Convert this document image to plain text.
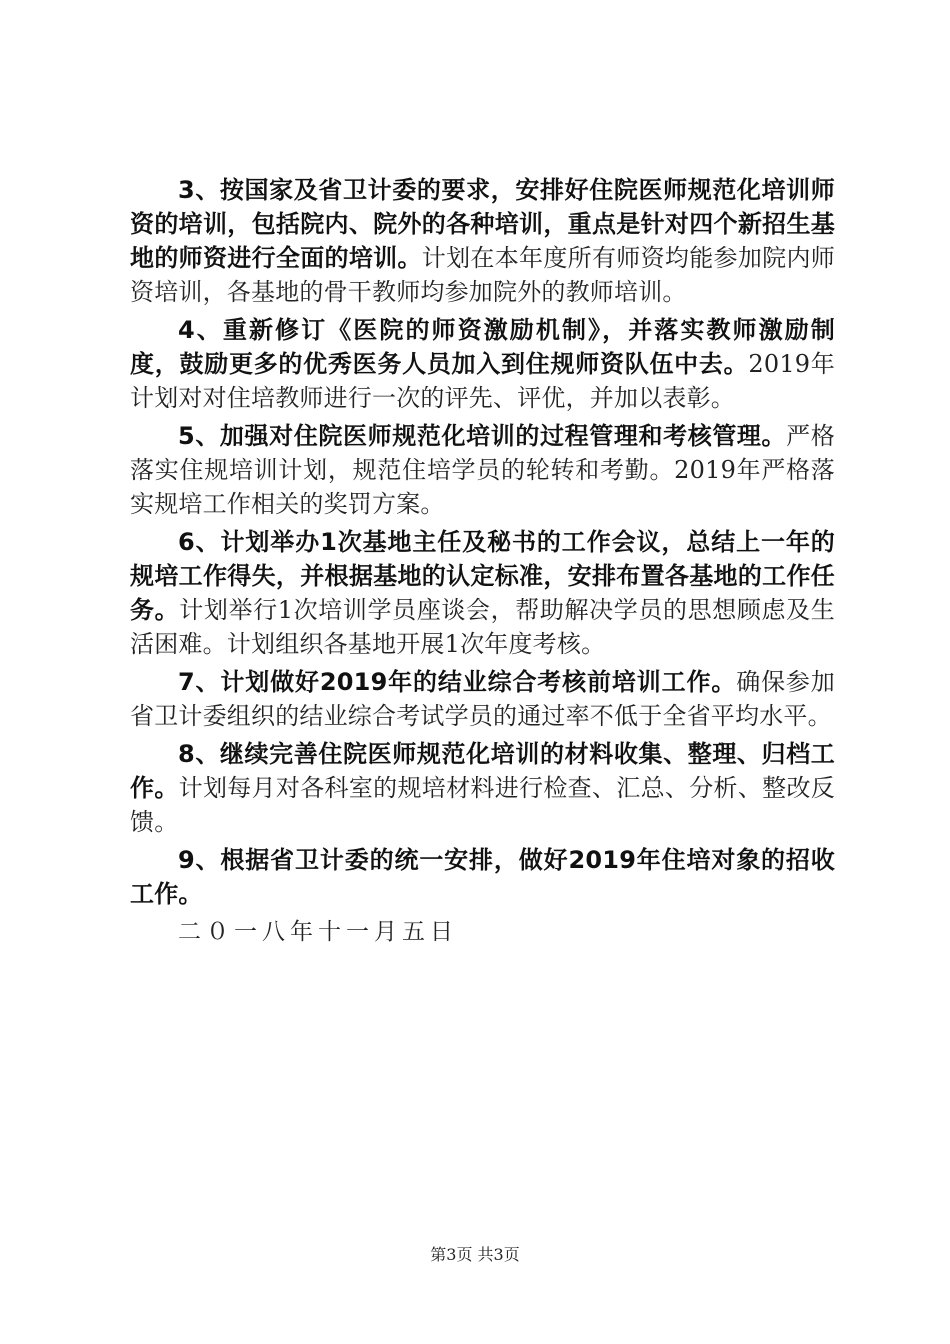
3、按国家及省卫计委的要求，安排好住院医师规范化培训师资的培训，包括院内、院外的各种培训，重点是针对四个新招生基地的师资进行全面的培训。计划在本年度所有师资均能参加院内师资培训，各基地的骨干教师均参加院外的教师培训。

4、重新修订《医院的师资激励机制》，并落实教师激励制度，鼓励更多的优秀医务人员加入到住规师资队伍中去。2019年计划对对住培教师进行一次的评先、评优，并加以表彰。

5、加强对住院医师规范化培训的过程管理和考核管理。严格落实住规培训计划，规范住培学员的轮转和考勤。2019年严格落实规培工作相关的奖罚方案。

6、计划举办1次基地主任及秘书的工作会议，总结上一年的规培工作得失，并根据基地的认定标准，安排布置各基地的工作任务。计划举行1次培训学员座谈会，帮助解决学员的思想顾虑及生活困难。计划组织各基地开展1次年度考核。

7、计划做好2019年的结业综合考核前培训工作。确保参加省卫计委组织的结业综合考试学员的通过率不低于全省平均水平。

8、继续完善住院医师规范化培训的材料收集、整理、归档工作。计划每月对各科室的规培材料进行检查、汇总、分析、整改反馈。

9、根据省卫计委的统一安排，做好2019年住培对象的招收工作。

二０一八年十一月五日

第3页 共3页
